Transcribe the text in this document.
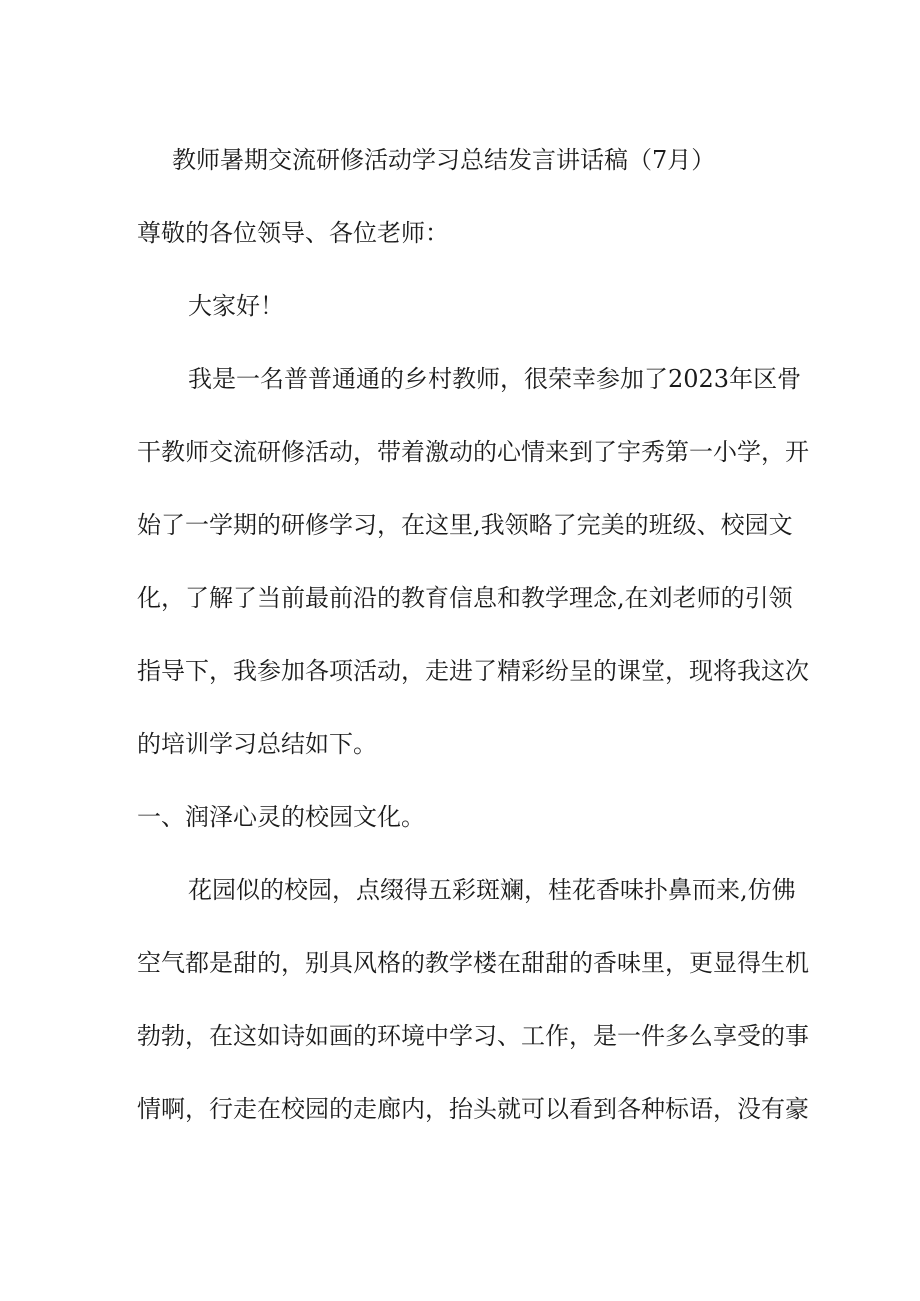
教师暑期交流研修活动学习总结发言讲话稿（7月）
尊敬的各位领导、各位老师：
大家好！
我是一名普普通通的乡村教师，很荣幸参加了2023年区骨
干教师交流研修活动，带着激动的心情来到了宇秀第一小学，开
始了一学期的研修学习，在这里,我领略了完美的班级、校园文
化，了解了当前最前沿的教育信息和教学理念,在刘老师的引领
指导下，我参加各项活动，走进了精彩纷呈的课堂，现将我这次
的培训学习总结如下。
一、润泽心灵的校园文化。
花园似的校园，点缀得五彩斑斓，桂花香味扑鼻而来,仿佛
空气都是甜的，别具风格的教学楼在甜甜的香味里，更显得生机
勃勃，在这如诗如画的环境中学习、工作，是一件多么享受的事
情啊，行走在校园的走廊内，抬头就可以看到各种标语，没有豪
